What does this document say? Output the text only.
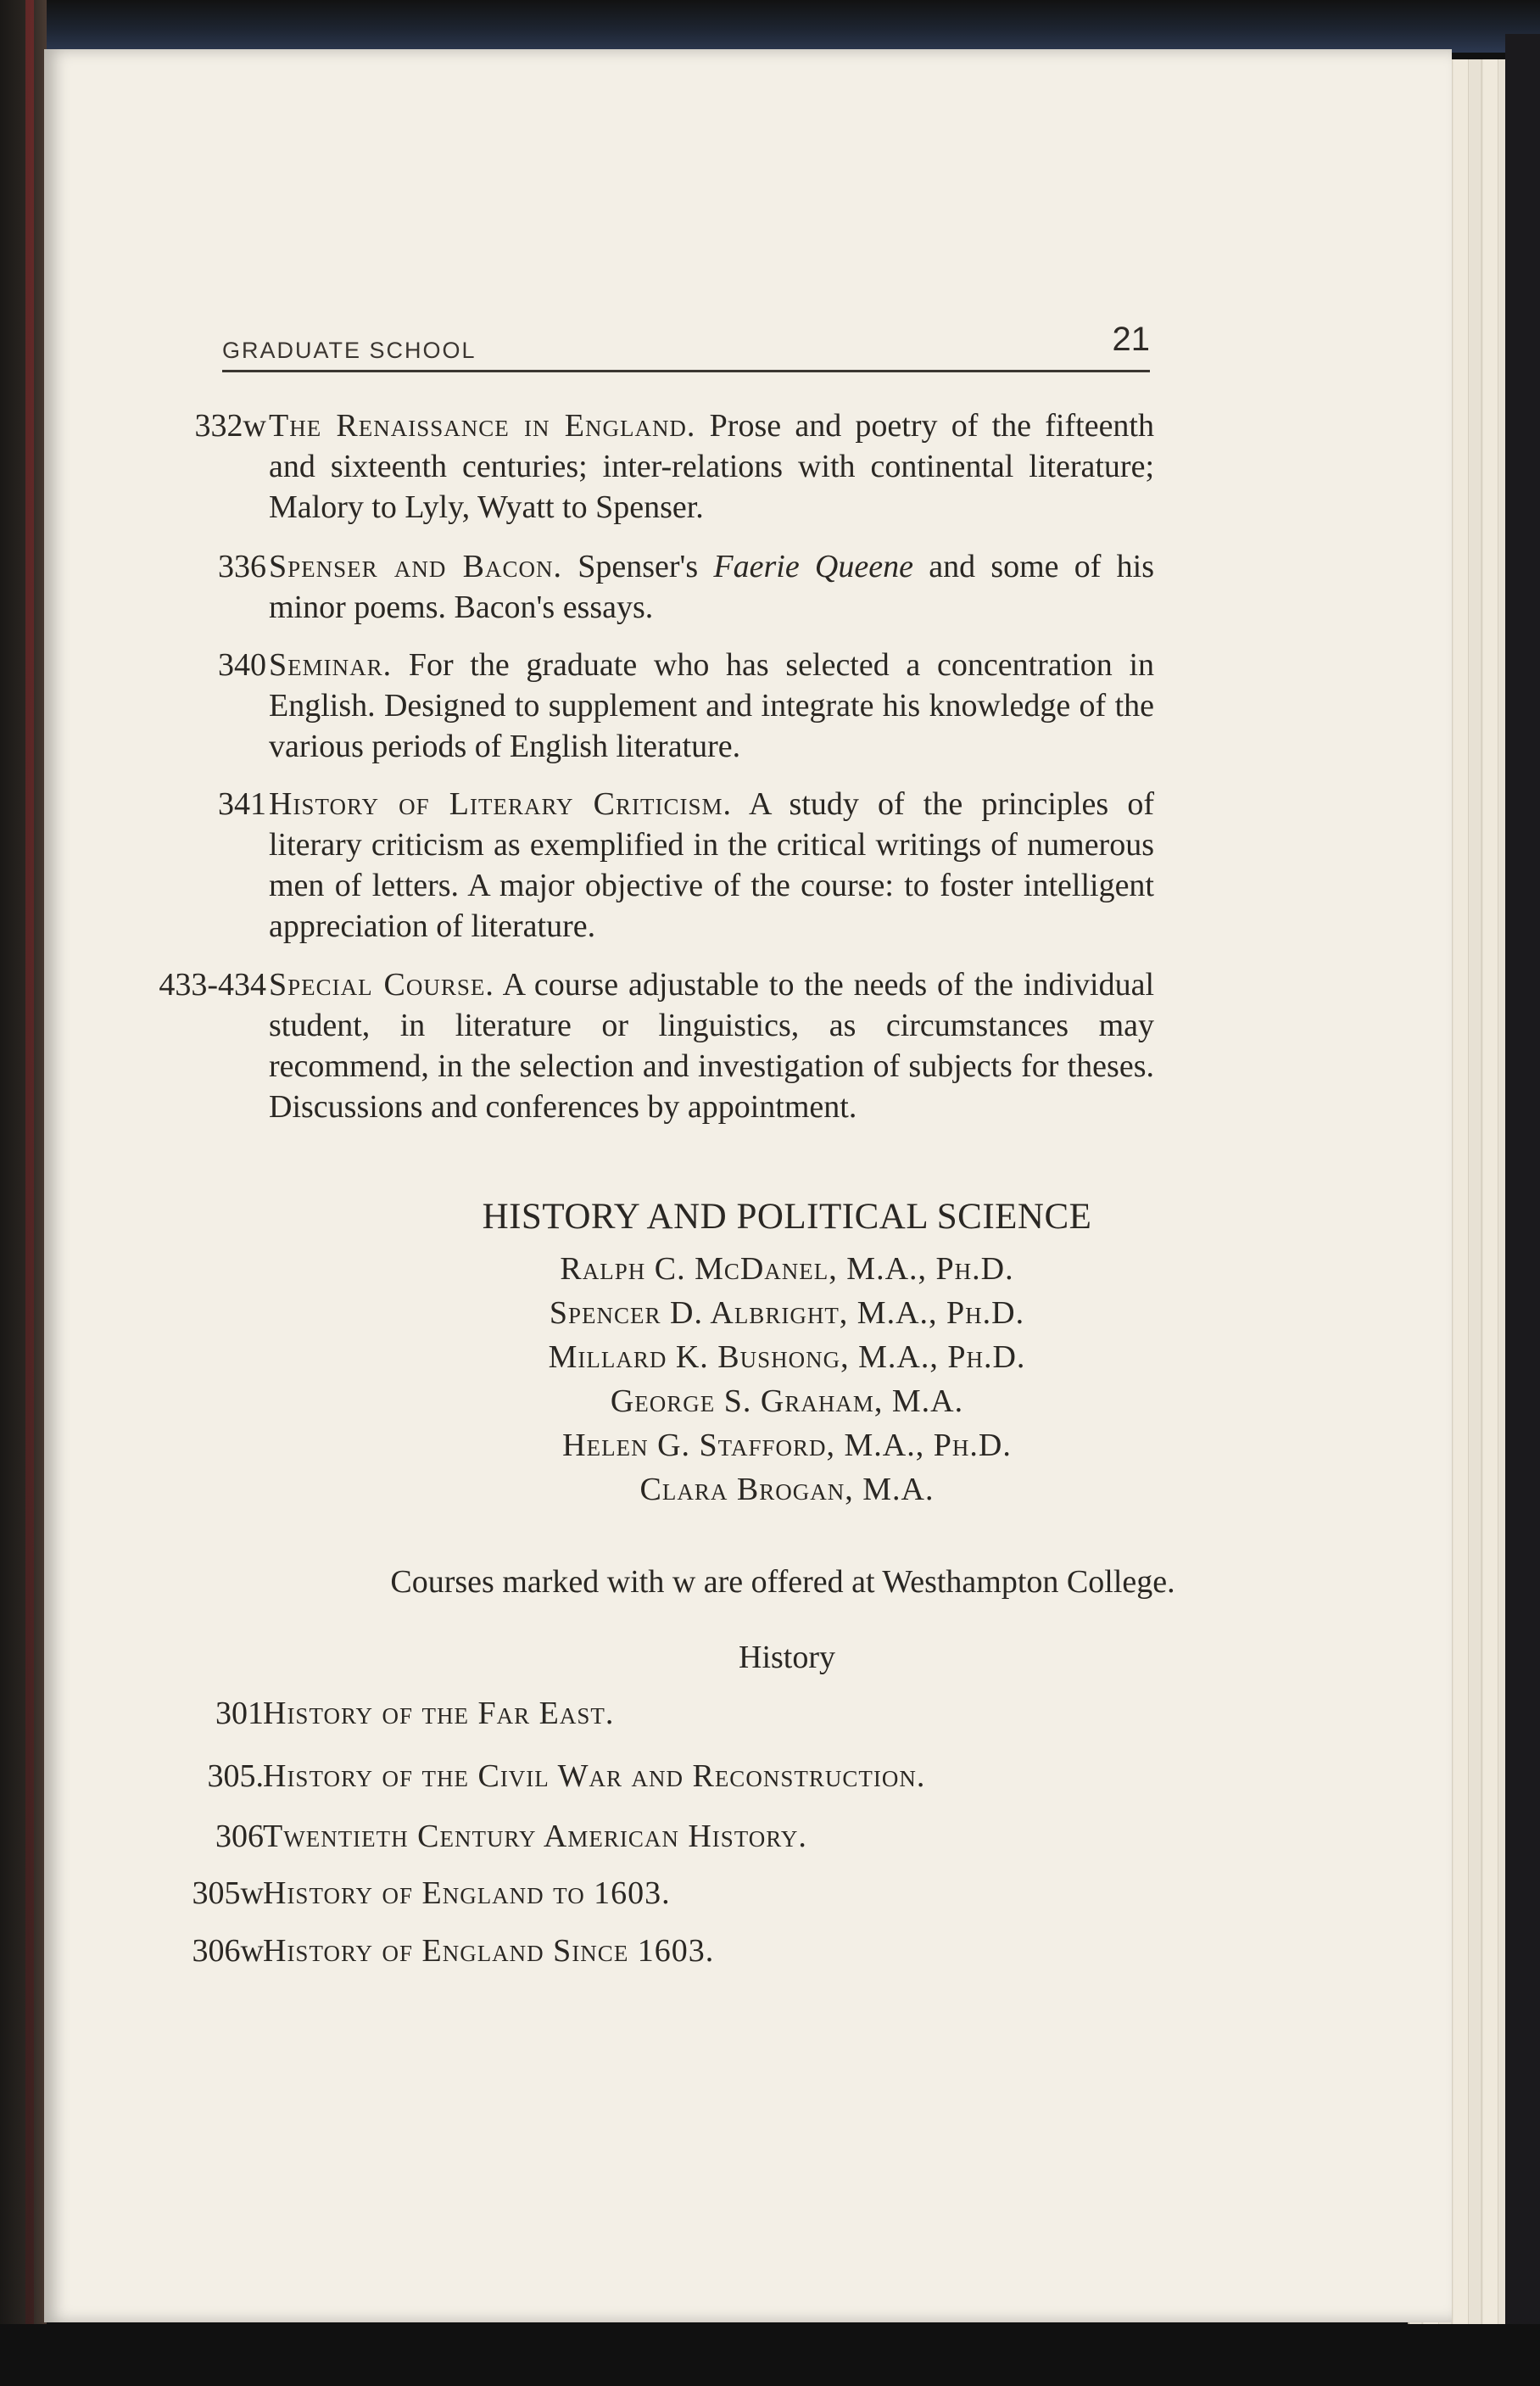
GRADUATE SCHOOL	21
332w The Renaissance in England. Prose and poetry of the fifteenth and sixteenth centuries; inter-relations with continental literature; Malory to Lyly, Wyatt to Spenser.
336 Spenser and Bacon. Spenser's Faerie Queene and some of his minor poems. Bacon's essays.
340 Seminar. For the graduate who has selected a concentration in English. Designed to supplement and integrate his knowledge of the various periods of English literature.
341 History of Literary Criticism. A study of the principles of literary criticism as exemplified in the critical writings of numerous men of letters. A major objective of the course: to foster intelligent appreciation of literature.
433-434 Special Course. A course adjustable to the needs of the individual student, in literature or linguistics, as circumstances may recommend, in the selection and investigation of subjects for theses. Discussions and conferences by appointment.
HISTORY AND POLITICAL SCIENCE
Ralph C. McDanel, M.A., Ph.D.
Spencer D. Albright, M.A., Ph.D.
Millard K. Bushong, M.A., Ph.D.
George S. Graham, M.A.
Helen G. Stafford, M.A., Ph.D.
Clara Brogan, M.A.
Courses marked with w are offered at Westhampton College.
History
301 History of the Far East.
305. History of the Civil War and Reconstruction.
306 Twentieth Century American History.
305w History of England to 1603.
306w History of England Since 1603.
